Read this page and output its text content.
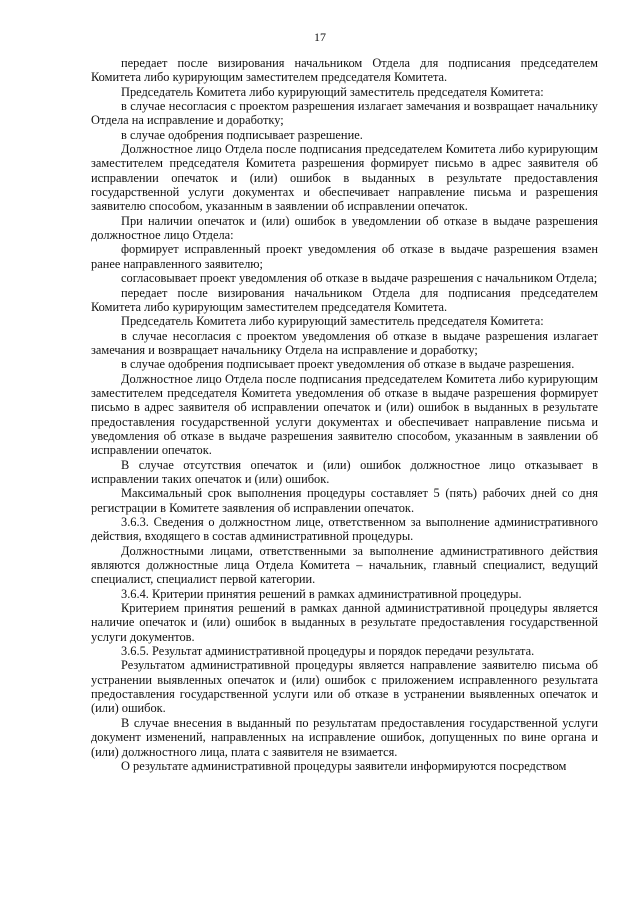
17

передает после визирования начальником Отдела для подписания председателем Комитета либо курирующим заместителем председателя Комитета.

Председатель Комитета либо курирующий заместитель председателя Комитета:

в случае несогласия с проектом разрешения излагает замечания и возвращает начальнику Отдела на исправление и доработку;

в случае одобрения подписывает разрешение.

Должностное лицо Отдела после подписания председателем Комитета либо курирующим заместителем председателя Комитета разрешения формирует письмо в адрес заявителя об исправлении опечаток и (или) ошибок в выданных в результате предоставления государственной услуги документах и обеспечивает направление письма и разрешения заявителю способом, указанным в заявлении об исправлении опечаток.

При наличии опечаток и (или) ошибок в уведомлении об отказе в выдаче разрешения должностное лицо Отдела:

формирует исправленный проект уведомления об отказе в выдаче разрешения взамен ранее направленного заявителю;

согласовывает проект уведомления об отказе в выдаче разрешения с начальником Отдела;

передает после визирования начальником Отдела для подписания председателем Комитета либо курирующим заместителем председателя Комитета.

Председатель Комитета либо курирующий заместитель председателя Комитета:

в случае несогласия с проектом уведомления об отказе в выдаче разрешения излагает замечания и возвращает начальнику Отдела на исправление и доработку;

в случае одобрения подписывает проект уведомления об отказе в выдаче разрешения.

Должностное лицо Отдела после подписания председателем Комитета либо курирующим заместителем председателя Комитета уведомления об отказе в выдаче разрешения формирует письмо в адрес заявителя об исправлении опечаток и (или) ошибок в выданных в результате предоставления государственной услуги документах и обеспечивает направление письма и уведомления об отказе в выдаче разрешения заявителю способом, указанным в заявлении об исправлении опечаток.

В случае отсутствия опечаток и (или) ошибок должностное лицо отказывает в исправлении таких опечаток и (или) ошибок.

Максимальный срок выполнения процедуры составляет 5 (пять) рабочих дней со дня регистрации в Комитете заявления об исправлении опечаток.

3.6.3. Сведения о должностном лице, ответственном за выполнение административного действия, входящего в состав административной процедуры.

Должностными лицами, ответственными за выполнение административного действия являются должностные лица Отдела Комитета – начальник, главный специалист, ведущий специалист, специалист первой категории.

3.6.4. Критерии принятия решений в рамках административной процедуры.

Критерием принятия решений в рамках данной административной процедуры является наличие опечаток и (или) ошибок в выданных в результате предоставления государственной услуги документов.

3.6.5. Результат административной процедуры и порядок передачи результата.

Результатом административной процедуры является направление заявителю письма об устранении выявленных опечаток и (или) ошибок с приложением исправленного результата предоставления государственной услуги или об отказе в устранении выявленных опечаток и (или) ошибок.

В случае внесения в выданный по результатам предоставления государственной услуги документ изменений, направленных на исправление ошибок, допущенных по вине органа и (или) должностного лица, плата с заявителя не взимается.

О результате административной процедуры заявители информируются посредством
